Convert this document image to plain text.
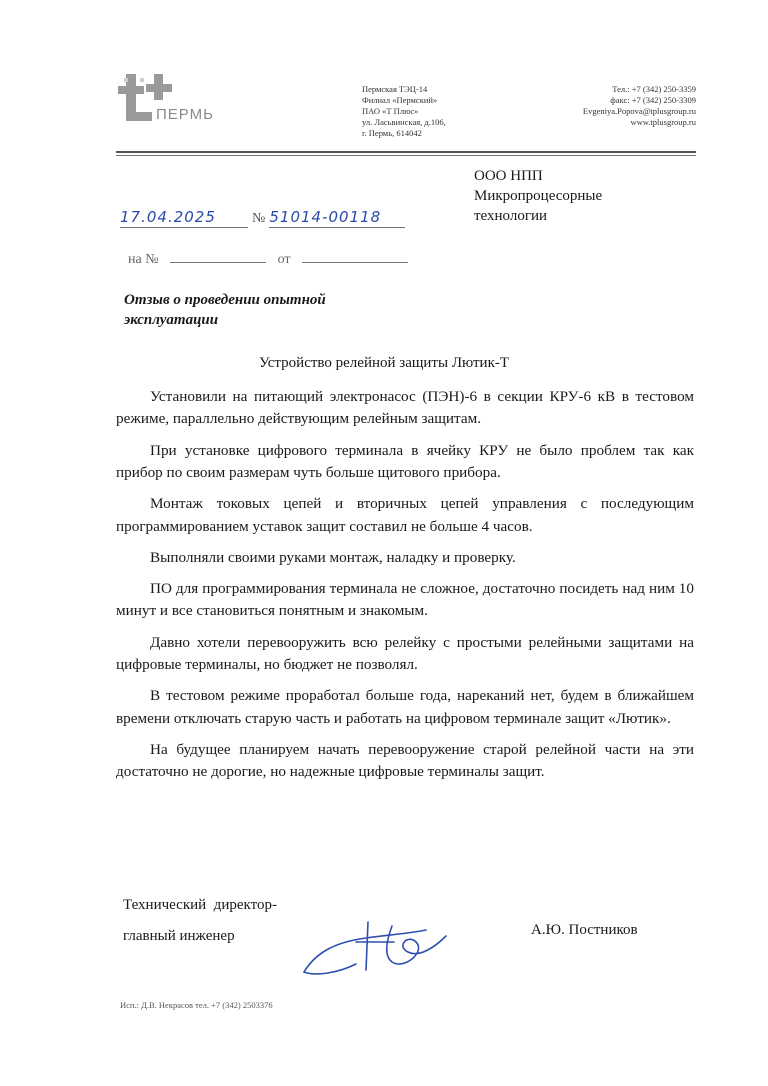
ПЕРМЬ
Пермская ТЭЦ-14
Филиал «Пермский»
ПАО «Т Плюс»
ул. Ласьвинская, д.106,
г. Пермь, 614042
Тел.: +7 (342) 250-3359
факс: +7 (342) 250-3309
Evgeniya.Popova@tplusgroup.ru
www.tplusgroup.ru
ООО НПП
Микропроцесорные
технологии
17.04.2025	№ 51014-00118
на №	от
Отзыв о проведении опытной
эксплуатации
Устройство релейной защиты Лютик-Т

Установили на питающий электронасос (ПЭН)-6 в секции КРУ-6 кВ в тестовом режиме, параллельно действующим релейным защитам.

При установке цифрового терминала в ячейку КРУ не было проблем так как прибор по своим размерам чуть больше щитового прибора.

Монтаж токовых цепей и вторичных цепей управления с последующим программированием уставок защит составил не больше 4 часов.

Выполняли своими руками монтаж, наладку и проверку.

ПО для программирования терминала не сложное, достаточно посидеть над ним 10 минут и все становиться понятным и знакомым.

Давно хотели перевооружить всю релейку с простыми релейными защитами на цифровые терминалы, но бюджет не позволял.

В тестовом режиме проработал больше года, нареканий нет, будем в ближайшем времени отключать старую часть и работать на цифровом терминале защит «Лютик».

На будущее планируем начать перевооружение старой релейной части на эти достаточно не дорогие, но надежные цифровые терминалы защит.

Технический  директор-
главный инженер	А.Ю. Постников
Исп.: Д.В. Некрасов тел. +7 (342) 2503376
